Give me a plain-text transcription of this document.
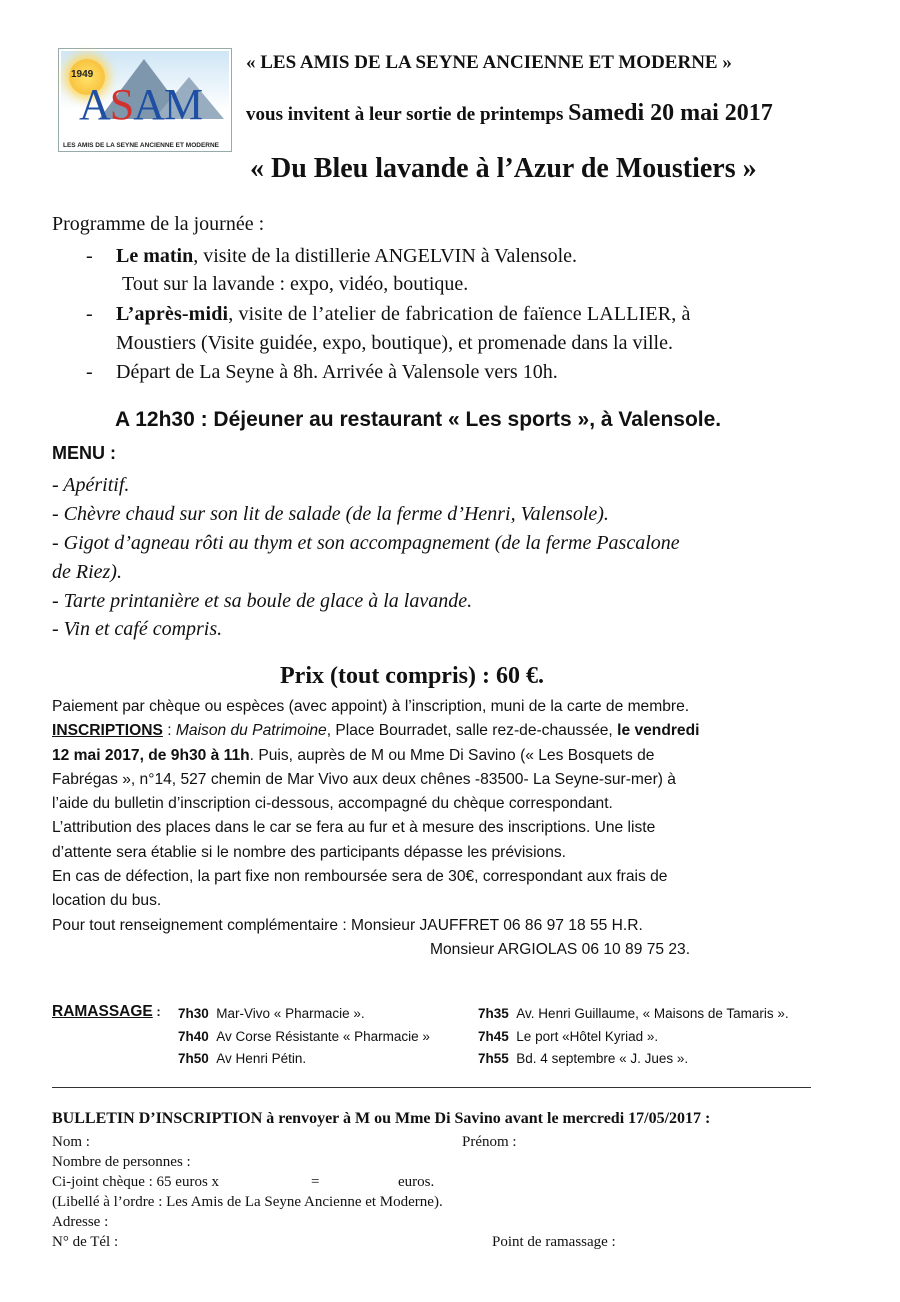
1949
ASAM
LES AMIS DE LA SEYNE ANCIENNE ET MODERNE
« LES AMIS DE LA SEYNE ANCIENNE ET MODERNE »
vous invitent à leur sortie de printemps Samedi 20 mai 2017
« Du Bleu lavande à l’Azur de Moustiers »
Programme de la journée :
- Le matin, visite de la distillerie ANGELVIN à Valensole.
Tout sur la lavande : expo, vidéo, boutique.
- L’après-midi, visite de l’atelier de fabrication de faïence LALLIER, à
Moustiers (Visite guidée, expo, boutique), et promenade dans la ville.
- Départ de La Seyne à 8h. Arrivée à Valensole vers 10h.
A 12h30 : Déjeuner au restaurant « Les sports », à Valensole.
MENU :
- Apéritif.
- Chèvre chaud sur son lit de salade (de la ferme d’Henri, Valensole).
- Gigot d’agneau rôti au thym et son accompagnement (de la ferme Pascalone
de Riez).
- Tarte printanière et sa boule de glace à la lavande.
- Vin et café compris.
Prix (tout compris) : 60 €.
Paiement par chèque ou espèces (avec appoint) à l’inscription, muni de la carte de membre.
INSCRIPTIONS : Maison du Patrimoine, Place Bourradet, salle rez-de-chaussée, le vendredi
12 mai 2017, de 9h30 à 11h. Puis, auprès de M ou Mme Di Savino (« Les Bosquets de
Fabrégas », n°14, 527 chemin de Mar Vivo aux deux chênes -83500- La Seyne-sur-mer) à
l’aide du bulletin d’inscription ci-dessous, accompagné du chèque correspondant.
L’attribution des places dans le car se fera au fur et à mesure des inscriptions. Une liste
d’attente sera établie si le nombre des participants dépasse les prévisions.
En cas de défection, la part fixe non remboursée sera de 30€, correspondant aux frais de
location du bus.
Pour tout renseignement complémentaire : Monsieur JAUFFRET 06 86 97 18 55 H.R.
Monsieur ARGIOLAS 06 10 89 75 23.
RAMASSAGE : 7h30 Mar-Vivo « Pharmacie ».	7h35 Av. Henri Guillaume, « Maisons de Tamaris ».
7h40 Av Corse Résistante « Pharmacie »	7h45 Le port «Hôtel Kyriad ».
7h50 Av Henri Pétin.	7h55 Bd. 4 septembre « J. Jues ».
BULLETIN D’INSCRIPTION à renvoyer à M ou Mme Di Savino avant le mercredi 17/05/2017 :
Nom :	Prénom :
Nombre de personnes :
Ci-joint chèque : 65 euros x	=	euros.
(Libellé à l’ordre : Les Amis de La Seyne Ancienne et Moderne).
Adresse :
N° de Tél :	Point de ramassage :
